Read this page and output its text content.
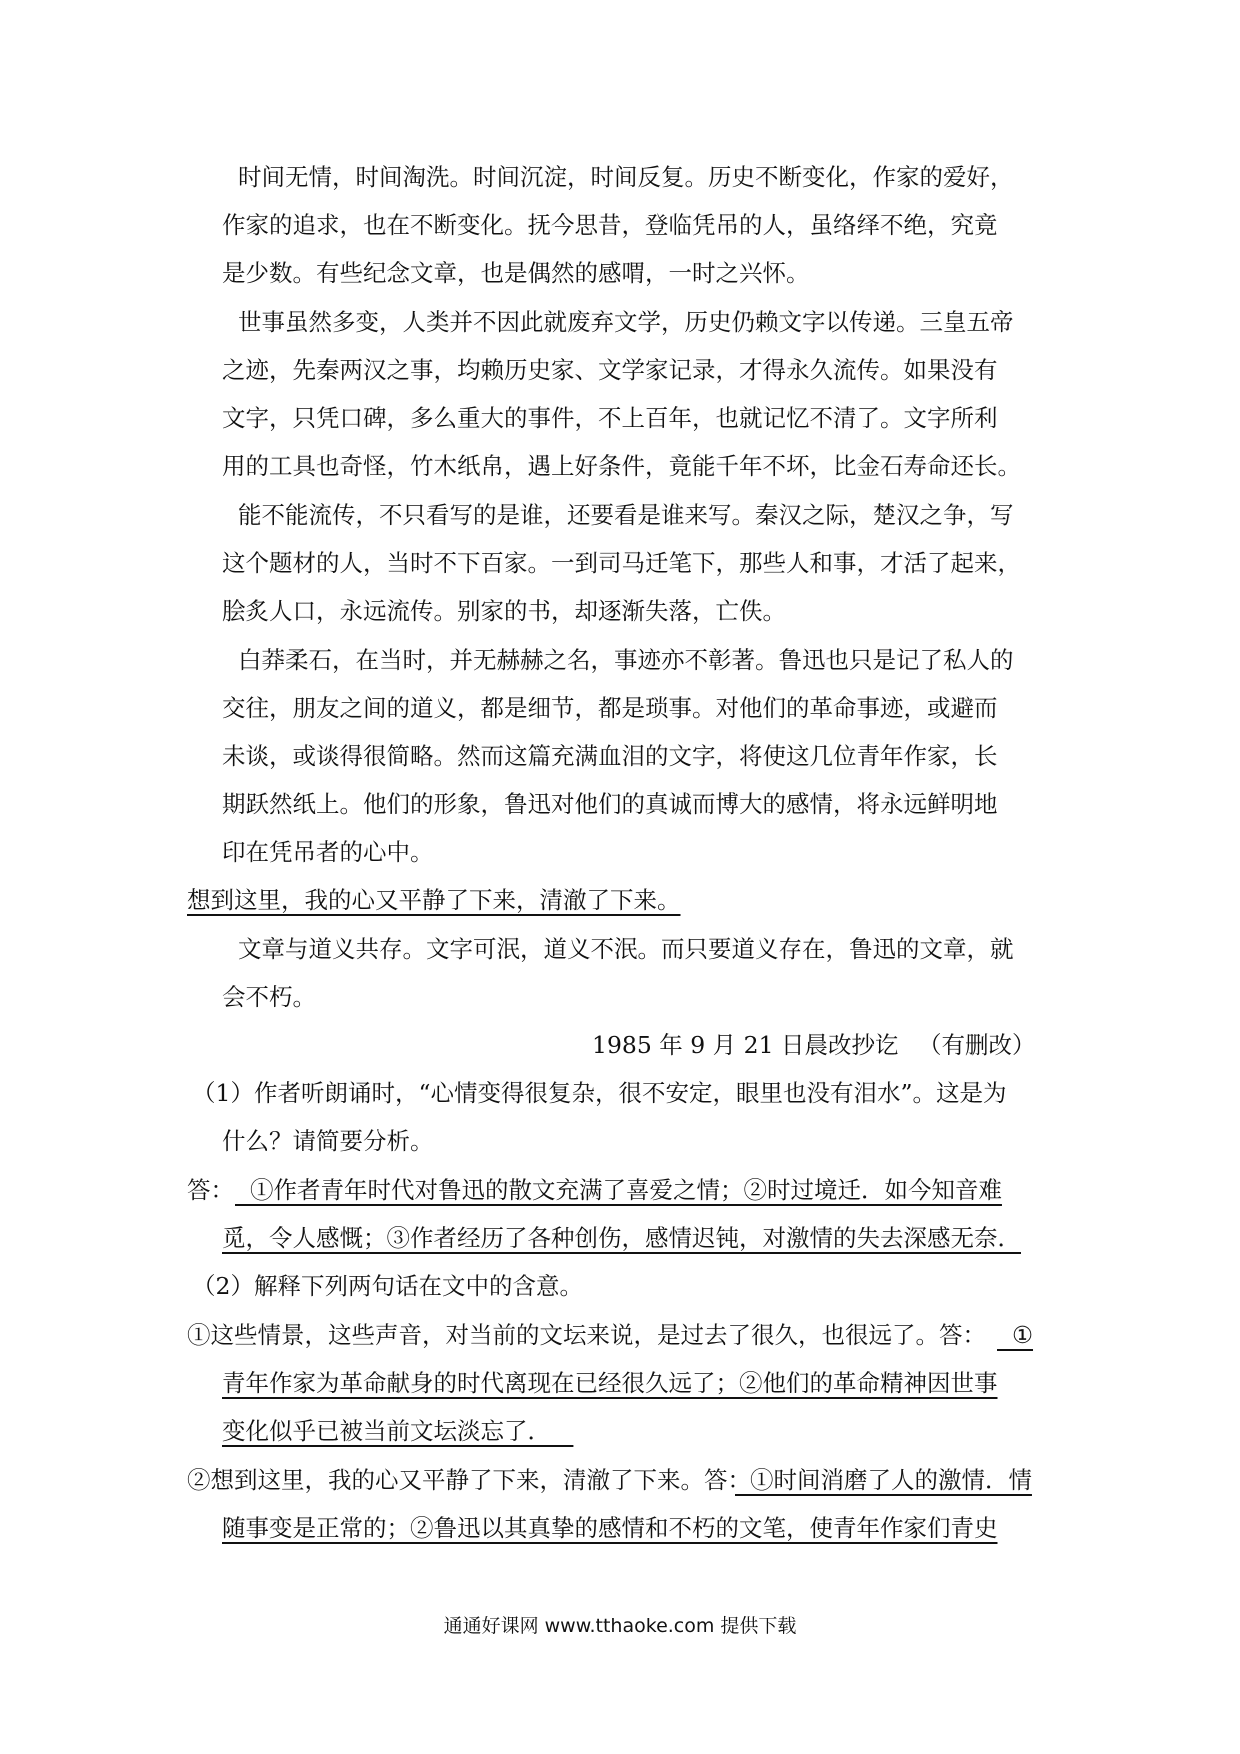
时间无情，时间淘洗。时间沉淀，时间反复。历史不断变化，作家的爱好，
作家的追求，也在不断变化。抚今思昔，登临凭吊的人，虽络绎不绝，究竟
是少数。有些纪念文章，也是偶然的感喟，一时之兴怀。
世事虽然多变，人类并不因此就废弃文学，历史仍赖文字以传递。三皇五帝
之迹，先秦两汉之事，均赖历史家、文学家记录，才得永久流传。如果没有
文字，只凭口碑，多么重大的事件，不上百年，也就记忆不清了。文字所利
用的工具也奇怪，竹木纸帛，遇上好条件，竟能千年不坏，比金石寿命还长。
能不能流传，不只看写的是谁，还要看是谁来写。秦汉之际，楚汉之争，写
这个题材的人，当时不下百家。一到司马迁笔下，那些人和事，才活了起来，
脍炙人口，永远流传。别家的书，却逐渐失落，亡佚。
白莽柔石，在当时，并无赫赫之名，事迹亦不彰著。鲁迅也只是记了私人的
交往，朋友之间的道义，都是细节，都是琐事。对他们的革命事迹，或避而
未谈，或谈得很简略。然而这篇充满血泪的文字，将使这几位青年作家，长
期跃然纸上。他们的形象，鲁迅对他们的真诚而博大的感情，将永远鲜明地
印在凭吊者的心中。
想到这里，我的心又平静了下来，清澈了下来。
文章与道义共存。文字可泯，道义不泯。而只要道义存在，鲁迅的文章，就
会不朽。
1985 年 9 月 21 日晨改抄讫 （有删改）
（1）作者听朗诵时，“心情变得很复杂，很不安定，眼里也没有泪水”。这是为
什么？请简要分析。
答： ①作者青年时代对鲁迅的散文充满了喜爱之情；②时过境迁．如今知音难
觅，令人感慨；③作者经历了各种创伤，感情迟钝，对激情的失去深感无奈．
（2）解释下列两句话在文中的含意。
①这些情景，这些声音，对当前的文坛来说，是过去了很久，也很远了。答： ①
青年作家为革命献身的时代离现在已经很久远了；②他们的革命精神因世事
变化似乎已被当前文坛淡忘了．
②想到这里，我的心又平静了下来，清澈了下来。答：
①时间消磨了人的激情．情
随事变是正常的；②鲁迅以其真挚的感情和不朽的文笔，使青年作家们青史
通通好课网 www.tthaoke.com 提供下载
